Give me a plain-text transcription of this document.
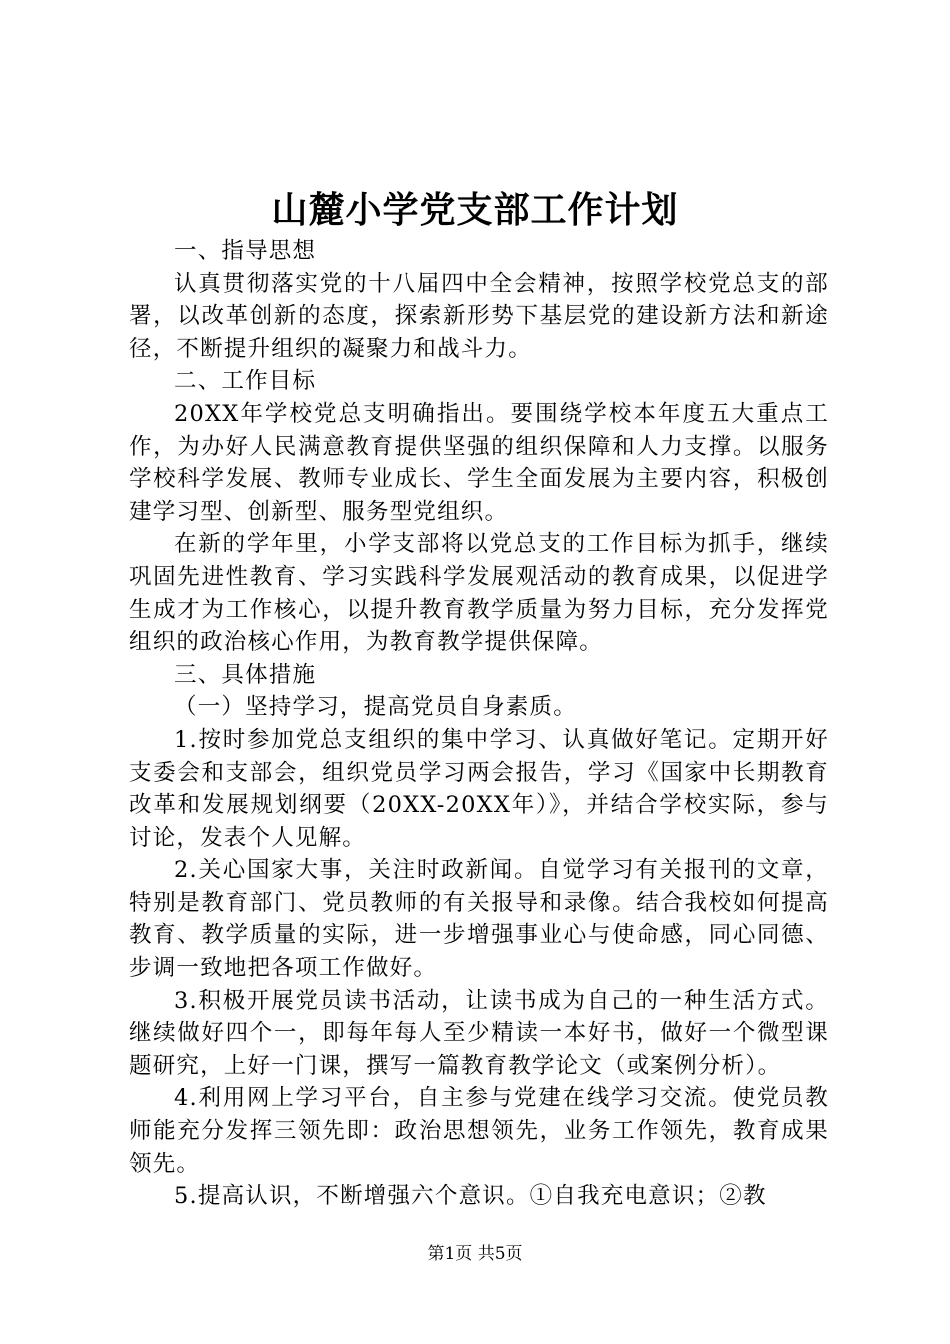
山麓小学党支部工作计划

一、指导思想

认真贯彻落实党的十八届四中全会精神，按照学校党总支的部署，以改革创新的态度，探索新形势下基层党的建设新方法和新途径，不断提升组织的凝聚力和战斗力。

二、工作目标

20XX年学校党总支明确指出。要围绕学校本年度五大重点工作，为办好人民满意教育提供坚强的组织保障和人力支撑。以服务学校科学发展、教师专业成长、学生全面发展为主要内容，积极创建学习型、创新型、服务型党组织。

在新的学年里，小学支部将以党总支的工作目标为抓手，继续巩固先进性教育、学习实践科学发展观活动的教育成果，以促进学生成才为工作核心，以提升教育教学质量为努力目标，充分发挥党组织的政治核心作用，为教育教学提供保障。

三、具体措施

（一）坚持学习，提高党员自身素质。

1.按时参加党总支组织的集中学习、认真做好笔记。定期开好支委会和支部会，组织党员学习两会报告，学习《国家中长期教育改革和发展规划纲要（20XX-20XX年）》，并结合学校实际，参与讨论，发表个人见解。

2.关心国家大事，关注时政新闻。自觉学习有关报刊的文章，特别是教育部门、党员教师的有关报导和录像。结合我校如何提高教育、教学质量的实际，进一步增强事业心与使命感，同心同德、步调一致地把各项工作做好。

3.积极开展党员读书活动，让读书成为自己的一种生活方式。继续做好四个一，即每年每人至少精读一本好书，做好一个微型课题研究，上好一门课，撰写一篇教育教学论文（或案例分析）。

4.利用网上学习平台，自主参与党建在线学习交流。使党员教师能充分发挥三领先即：政治思想领先，业务工作领先，教育成果领先。

5.提高认识，不断增强六个意识。①自我充电意识；②教

第1页 共5页
